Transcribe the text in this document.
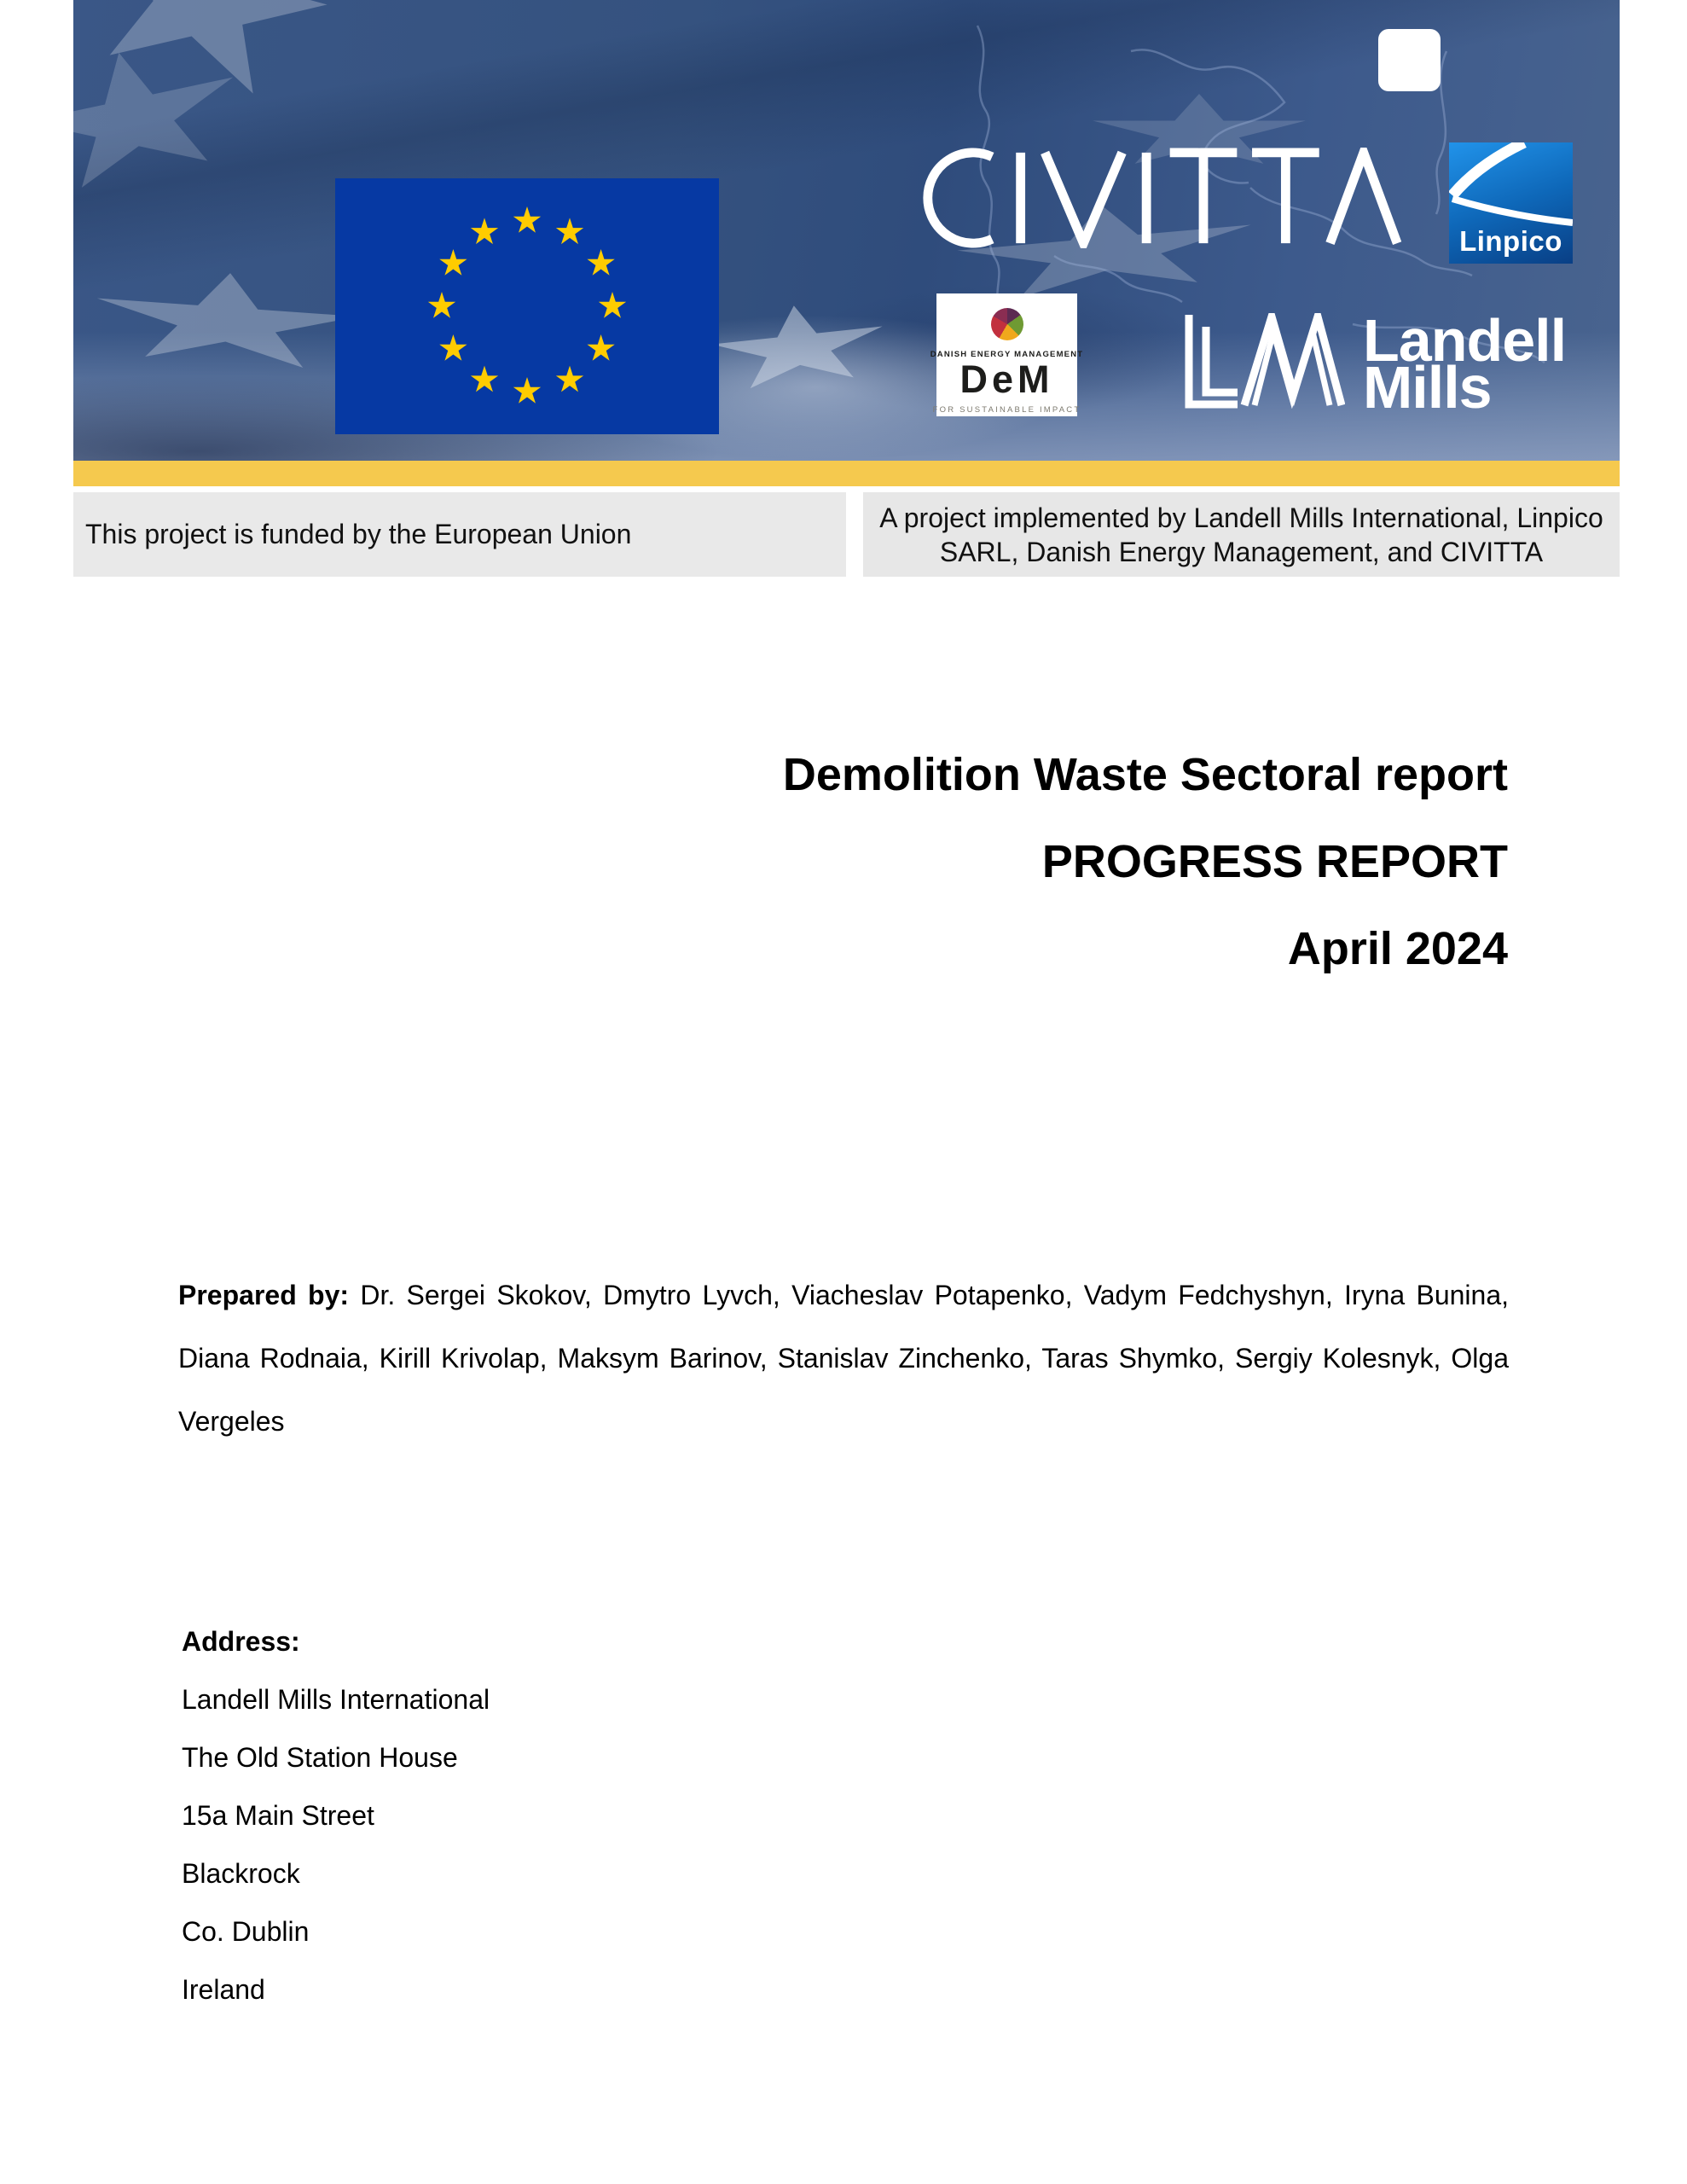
Linpico
DANISH ENERGY MANAGEMENT
DeM
FOR SUSTAINABLE IMPACT
Landell
Mills
This project is funded by the European Union
A project implemented by Landell Mills International, Linpico
SARL, Danish Energy Management, and CIVITTA
Demolition Waste Sectoral report
PROGRESS REPORT
April 2024

Prepared by: Dr. Sergei Skokov, Dmytro Lyvch, Viacheslav Potapenko, Vadym Fedchyshyn, Iryna Bunina, Diana Rodnaia, Kirill Krivolap, Maksym Barinov, Stanislav Zinchenko, Taras Shymko, Sergiy Kolesnyk, Olga Vergeles

Address:
Landell Mills International
The Old Station House
15a Main Street
Blackrock
Co. Dublin
Ireland
